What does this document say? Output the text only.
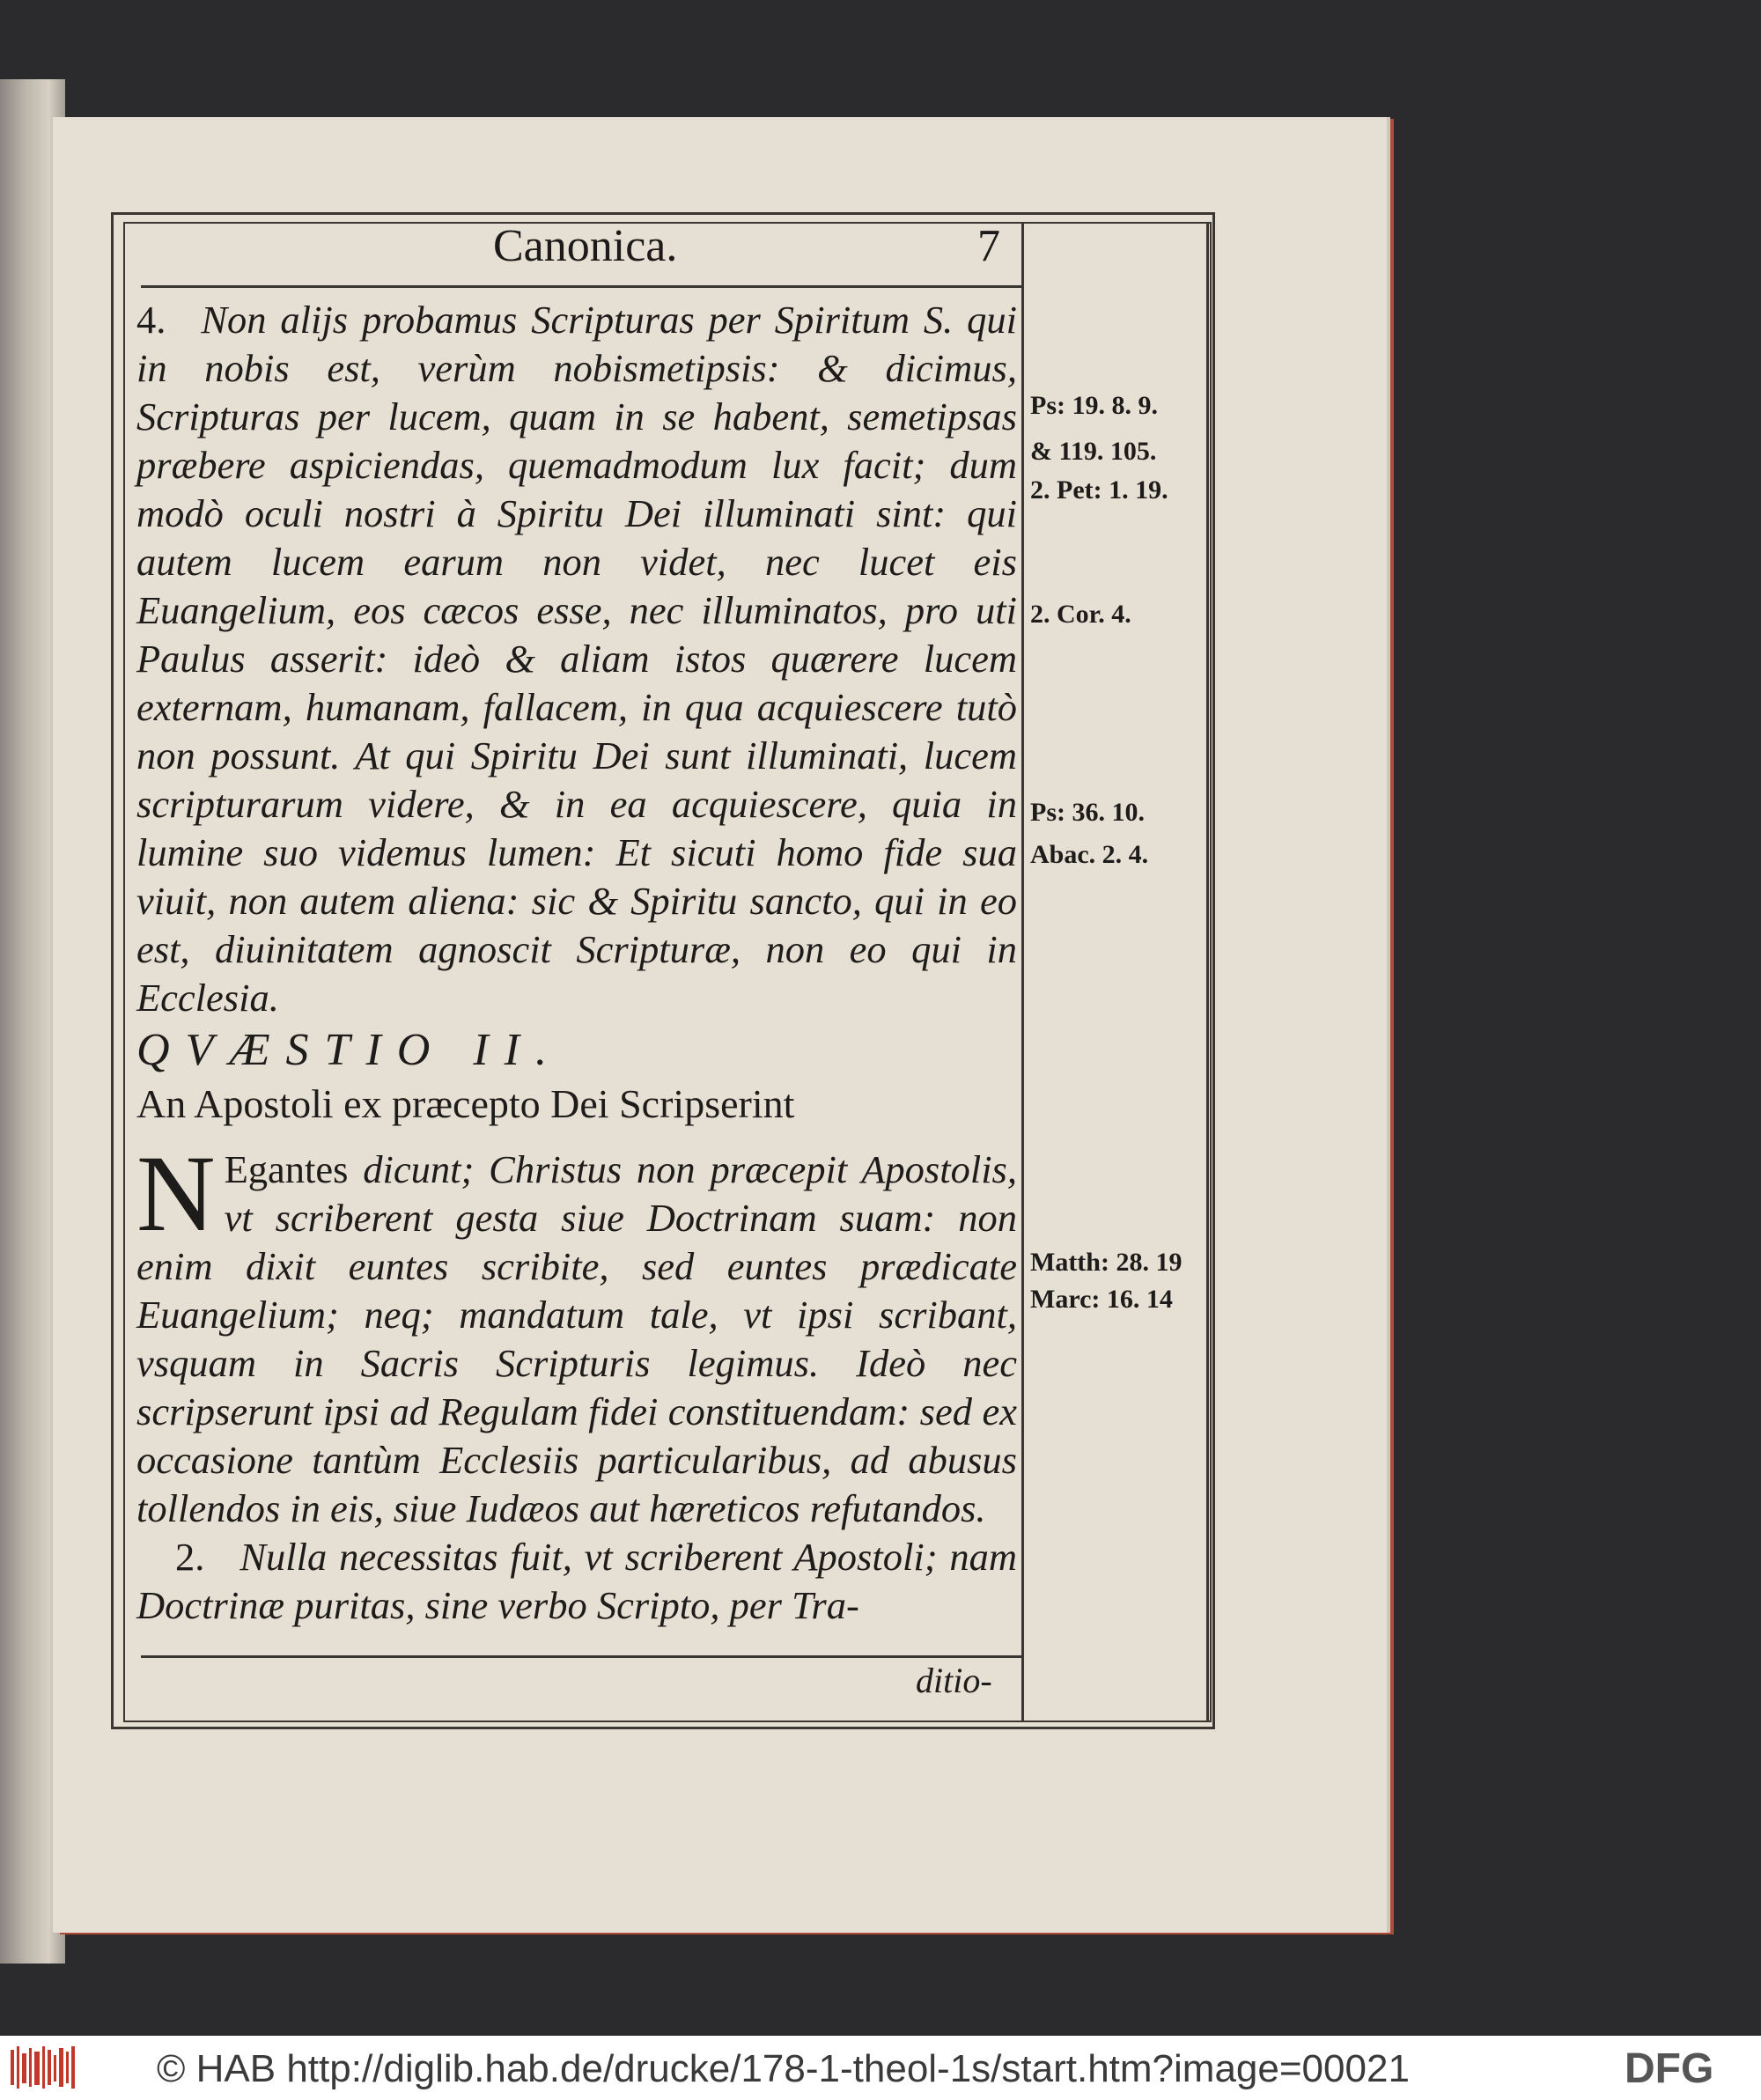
Canonica.	7

4. Non alijs probamus Scripturas per Spiritum S. qui in nobis est, verùm nobismetipsis: & dicimus, Scripturas per lucem, quam in se habent, semetipsas præbere aspiciendas, quemadmodum lux facit; dum modò oculi nostri à Spiritu Dei illuminati sint: qui autem lucem earum non videt, nec lucet eis Euangelium, eos cæcos esse, nec illuminatos, pro uti Paulus asserit: ideò & aliam istos quærere lucem externam, humanam, fallacem, in qua acquiescere tutò non possunt. At qui Spiritu Dei sunt illuminati, lucem scripturarum videre, & in ea acquiescere, quia in lumine suo videmus lumen: Et sicuti homo fide sua viuit, non autem aliena: sic & Spiritu sancto, qui in eo est, diuinitatem agnoscit Scripturæ, non eo qui in Ecclesia.

QVÆSTIO II.

An Apostoli ex præcepto Dei Scripserint

N Egantes dicunt; Christus non præcepit Apostolis, vt scriberent gesta siue Doctrinam suam: non enim dixit euntes scribite, sed euntes prædicate Euangelium; neq; mandatum tale, vt ipsi scribant, vsquam in Sacris Scripturis legimus. Ideò nec scripserunt ipsi ad Regulam fidei constituendam: sed ex occasione tantùm Ecclesiis particularibus, ad abusus tollendos in eis, siue Iudæos aut hæreticos refutandos.

2. Nulla necessitas fuit, vt scriberent Apostoli; nam Doctrinæ puritas, sine verbo Scripto, per Tra-

ditio-
Ps: 19. 8. 9.
& 119. 105.
2. Pet: 1. 19.
2. Cor. 4.
Ps: 36. 10.
Abac. 2. 4.
Matth: 28. 19
Marc: 16. 14
© HAB http://diglib.hab.de/drucke/178-1-theol-1s/start.htm?image=00021	DFG
